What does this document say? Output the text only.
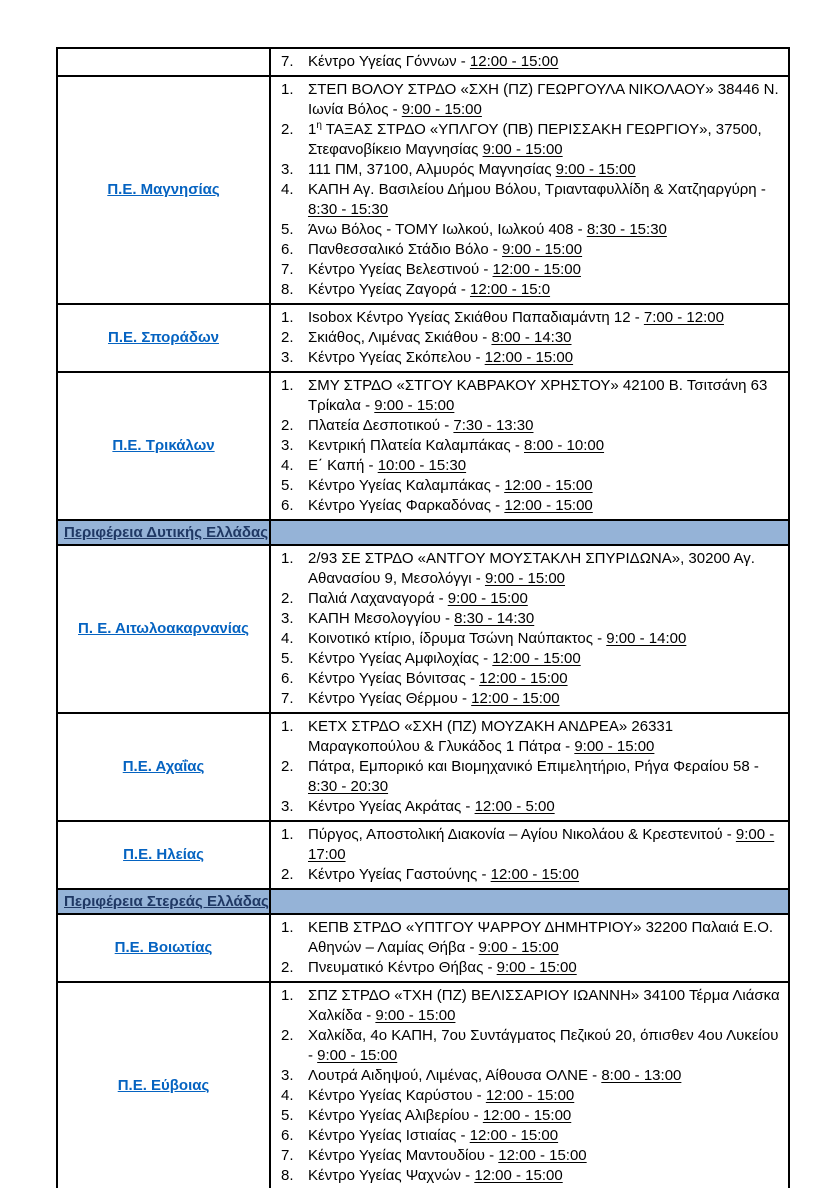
7. Κέντρο Υγείας Γόννων - 12:00 - 15:00
Π.Ε. Μαγνησίας
1. ΣΤΕΠ ΒΟΛΟΥ ΣΤΡΔΟ «ΣΧΗ (ΠΖ) ΓΕΩΡΓΟΥΛΑ ΝΙΚΟΛΑΟΥ» 38446 Ν. Ιωνία Βόλος - 9:00 - 15:00
2. $1^\eta$ ΤΑΞΑΣ ΣΤΡΔΟ «ΥΠΛΓΟΥ (ΠΒ) ΠΕΡΙΣΣΑΚΗ ΓΕΩΡΓΙΟΥ», 37500, Στεφανοβίκειο Μαγνησίας 9:00 - 15:00
3. 111 ΠΜ, 37100, Αλμυρός Μαγνησίας 9:00 - 15:00
4. ΚΑΠΗ Αγ. Βασιλείου Δήμου Βόλου, Τριανταφυλλίδη & Χατζηαργύρη - 8:30 - 15:30
5. Άνω Βόλος - ΤΟΜΥ Ιωλκού, Ιωλκού 408 - 8:30 - 15:30
6. Πανθεσσαλικό Στάδιο Βόλο - 9:00 - 15:00
7. Κέντρο Υγείας Βελεστινού - 12:00 - 15:00
8. Κέντρο Υγείας Ζαγορά - 12:00 - 15:0
Π.Ε. Σποράδων
1. Isobox Κέντρο Υγείας Σκιάθου Παπαδιαμάντη 12 - 7:00 - 12:00
2. Σκιάθος, Λιμένας Σκιάθου - 8:00 - 14:30
3. Κέντρο Υγείας Σκόπελου - 12:00 - 15:00
Π.Ε. Τρικάλων
1. ΣΜΥ ΣΤΡΔΟ «ΣΤΓΟΥ ΚΑΒΡΑΚΟΥ ΧΡΗΣΤΟΥ» 42100 Β. Τσιτσάνη 63 Τρίκαλα - 9:00 - 15:00
2. Πλατεία Δεσποτικού - 7:30 - 13:30
3. Κεντρική Πλατεία Καλαμπάκας - 8:00 - 10:00
4. Ε΄ Καπή - 10:00 - 15:30
5. Κέντρο Υγείας Καλαμπάκας - 12:00 - 15:00
6. Κέντρο Υγείας Φαρκαδόνας - 12:00 - 15:00
Περιφέρεια Δυτικής Ελλάδας
Π. Ε. Αιτωλοακαρνανίας
1. 2/93 ΣΕ ΣΤΡΔΟ «ΑΝΤΓΟΥ ΜΟΥΣΤΑΚΛΗ ΣΠΥΡΙΔΩΝΑ», 30200 Αγ. Αθανασίου 9, Μεσολόγγι - 9:00 - 15:00
2. Παλιά Λαχαναγορά - 9:00 - 15:00
3. ΚΑΠΗ Μεσολογγίου - 8:30 - 14:30
4. Κοινοτικό κτίριο, ίδρυμα Τσώνη Ναύπακτος - 9:00 - 14:00
5. Κέντρο Υγείας Αμφιλοχίας - 12:00 - 15:00
6. Κέντρο Υγείας Βόνιτσας - 12:00 - 15:00
7. Κέντρο Υγείας Θέρμου - 12:00 - 15:00
Π.Ε. Αχαΐας
1. ΚΕΤΧ ΣΤΡΔΟ «ΣΧΗ (ΠΖ) ΜΟΥΖΑΚΗ ΑΝΔΡΕΑ» 26331 Μαραγκοπούλου & Γλυκάδος 1 Πάτρα - 9:00 - 15:00
2. Πάτρα, Εμπορικό και Βιομηχανικό Επιμελητήριο, Ρήγα Φεραίου 58 - 8:30 - 20:30
3. Κέντρο Υγείας Ακράτας - 12:00 - 5:00
Π.Ε. Ηλείας
1. Πύργος, Αποστολική Διακονία – Αγίου Νικολάου & Κρεστενιτού - 9:00 - 17:00
2. Κέντρο Υγείας Γαστούνης - 12:00 - 15:00
Περιφέρεια Στερεάς Ελλάδας
Π.Ε. Βοιωτίας
1. ΚΕΠΒ ΣΤΡΔΟ «ΥΠΤΓΟΥ ΨΑΡΡΟΥ ΔΗΜΗΤΡΙΟΥ» 32200 Παλαιά Ε.Ο. Αθηνών – Λαμίας Θήβα - 9:00 - 15:00
2. Πνευματικό Κέντρο Θήβας - 9:00 - 15:00
Π.Ε. Εύβοιας
1. ΣΠΖ ΣΤΡΔΟ «ΤΧΗ (ΠΖ) ΒΕΛΙΣΣΑΡΙΟΥ ΙΩΑΝΝΗ» 34100 Τέρμα Λιάσκα Χαλκίδα - 9:00 - 15:00
2. Χαλκίδα, 4ο ΚΑΠΗ, 7ου Συντάγματος Πεζικού 20, όπισθεν 4ου Λυκείου - 9:00 - 15:00
3. Λουτρά Αιδηψού, Λιμένας, Αίθουσα ΟΛΝΕ - 8:00 - 13:00
4. Κέντρο Υγείας Καρύστου - 12:00 - 15:00
5. Κέντρο Υγείας Αλιβερίου - 12:00 - 15:00
6. Κέντρο Υγείας Ιστιαίας - 12:00 - 15:00
7. Κέντρο Υγείας Μαντουδίου - 12:00 - 15:00
8. Κέντρο Υγείας Ψαχνών - 12:00 - 15:00
